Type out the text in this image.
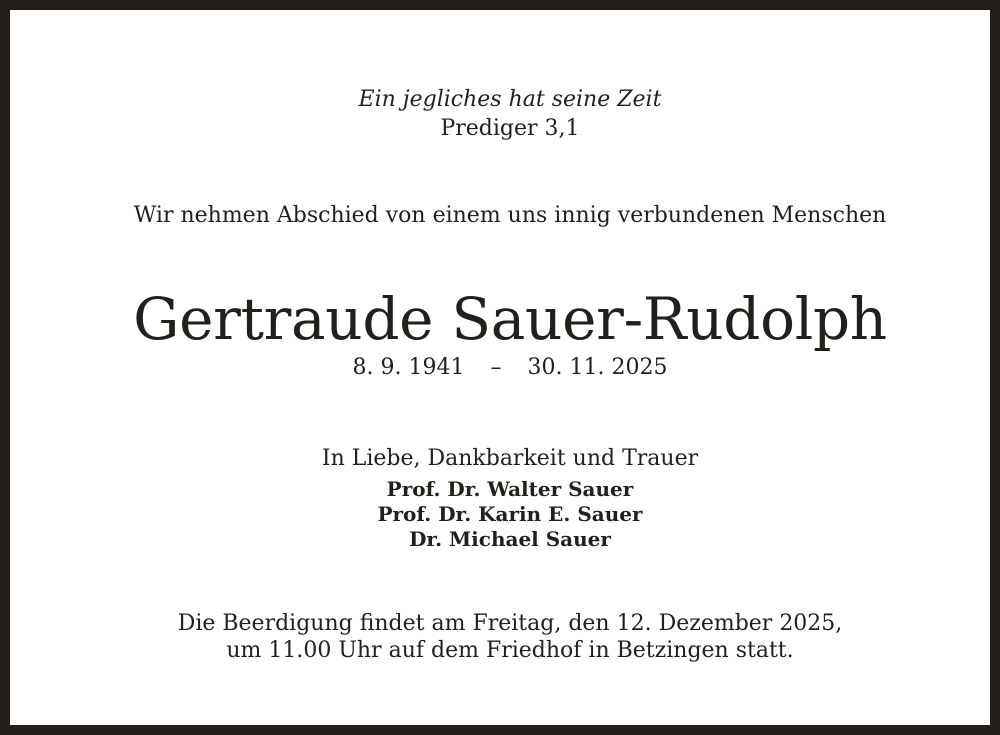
Ein jegliches hat seine Zeit
Prediger 3,1
Wir nehmen Abschied von einem uns innig verbundenen Menschen
Gertraude Sauer-Rudolph
8. 9. 1941 – 30. 11. 2025
In Liebe, Dankbarkeit und Trauer
Prof. Dr. Walter Sauer
Prof. Dr. Karin E. Sauer
Dr. Michael Sauer
Die Beerdigung findet am Freitag, den 12. Dezember 2025,
um 11.00 Uhr auf dem Friedhof in Betzingen statt.
